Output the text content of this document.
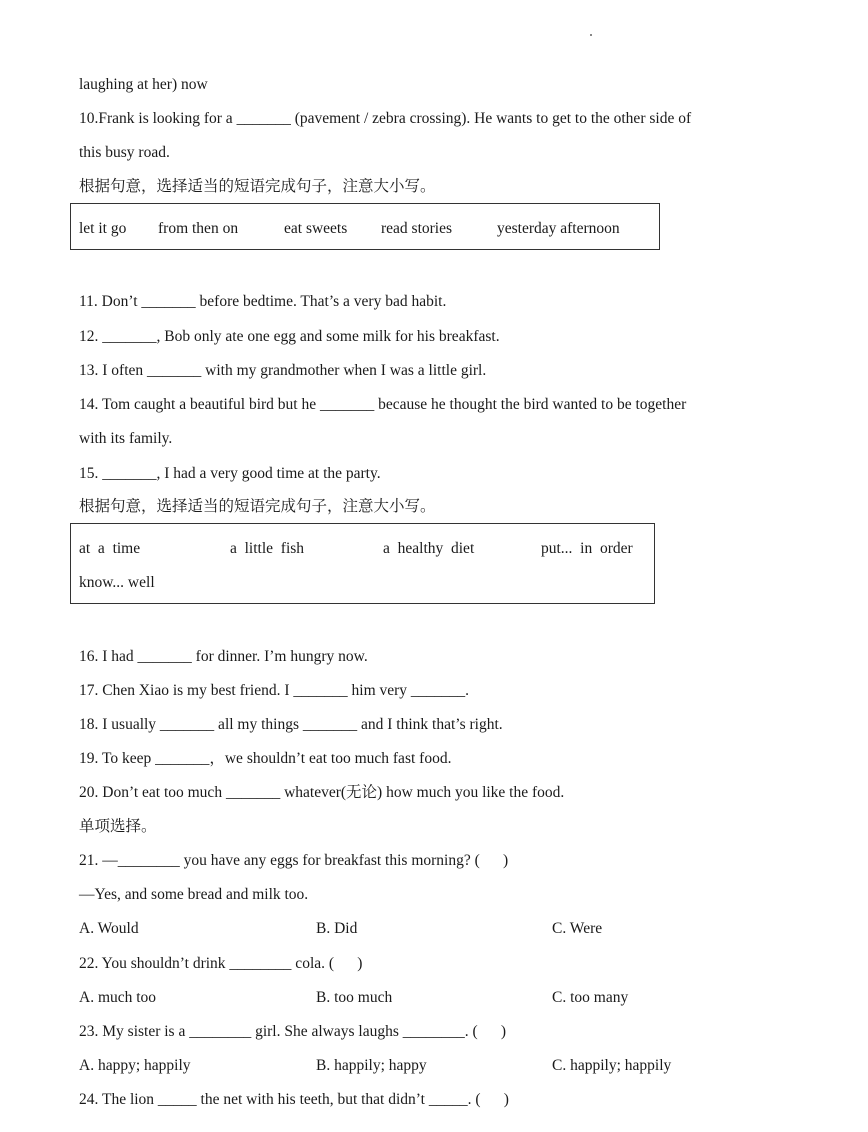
laughing at her) now
10.Frank is looking for a _______ (pavement / zebra crossing). He wants to get to the other side of
this busy road.
根据句意，选择适当的短语完成句子，注意大小写。
let it go from then on	eat sweets read stories	yesterday afternoon
11. Don’t _______ before bedtime. That’s a very bad habit.
12. _______, Bob only ate one egg and some milk for his breakfast.
13. I often _______ with my grandmother when I was a little girl.
14. Tom caught a beautiful bird but he _______ because he thought the bird wanted to be together
with its family.
15. _______, I had a very good time at the party.
根据句意，选择适当的短语完成句子，注意大小写。
at  a  time	a  little  fish	a  healthy  diet	put...  in  order
know... well
16. I had _______ for dinner. I’m hungry now.
17. Chen Xiao is my best friend. I _______ him very _______.
18. I usually _______ all my things _______ and I think that’s right.
19. To keep _______，we shouldn’t eat too much fast food.
20. Don’t eat too much _______ whatever(无论) how much you like the food.
单项选择。
21. —________ you have any eggs for breakfast this morning? (      )
—Yes, and some bread and milk too.
A. Would	B. Did	C. Were
22. You shouldn’t drink ________ cola. (      )
A. much too	B. too much	C. too many
23. My sister is a ________ girl. She always laughs ________. (      )
A. happy; happily	B. happily; happy	C. happily; happily
24. The lion _____ the net with his teeth, but that didn’t _____. (      )
